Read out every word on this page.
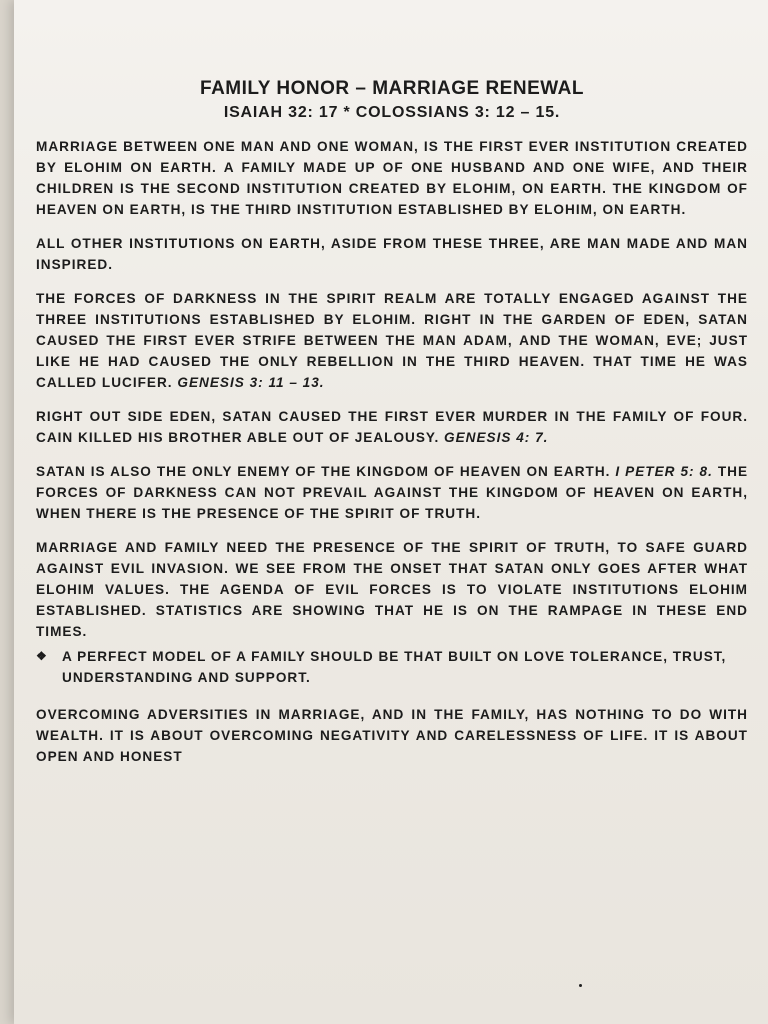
FAMILY HONOR – MARRIAGE RENEWAL
ISAIAH 32: 17 * COLOSSIANS 3: 12 – 15.

MARRIAGE BETWEEN ONE MAN AND ONE WOMAN, IS THE FIRST EVER INSTITUTION CREATED BY ELOHIM ON EARTH. A FAMILY MADE UP OF ONE HUSBAND AND ONE WIFE, AND THEIR CHILDREN IS THE SECOND INSTITUTION CREATED BY ELOHIM, ON EARTH. THE KINGDOM OF HEAVEN ON EARTH, IS THE THIRD INSTITUTION ESTABLISHED BY ELOHIM, ON EARTH.

ALL OTHER INSTITUTIONS ON EARTH, ASIDE FROM THESE THREE, ARE MAN MADE AND MAN INSPIRED.

THE FORCES OF DARKNESS IN THE SPIRIT REALM ARE TOTALLY ENGAGED AGAINST THE THREE INSTITUTIONS ESTABLISHED BY ELOHIM. RIGHT IN THE GARDEN OF EDEN, SATAN CAUSED THE FIRST EVER STRIFE BETWEEN THE MAN ADAM, AND THE WOMAN, EVE; JUST LIKE HE HAD CAUSED THE ONLY REBELLION IN THE THIRD HEAVEN. THAT TIME HE WAS CALLED LUCIFER. GENESIS 3: 11 – 13.

RIGHT OUT SIDE EDEN, SATAN CAUSED THE FIRST EVER MURDER IN THE FAMILY OF FOUR. CAIN KILLED HIS BROTHER ABLE OUT OF JEALOUSY. GENESIS 4: 7.

SATAN IS ALSO THE ONLY ENEMY OF THE KINGDOM OF HEAVEN ON EARTH. I PETER 5: 8. THE FORCES OF DARKNESS CAN NOT PREVAIL AGAINST THE KINGDOM OF HEAVEN ON EARTH, WHEN THERE IS THE PRESENCE OF THE SPIRIT OF TRUTH.

MARRIAGE AND FAMILY NEED THE PRESENCE OF THE SPIRIT OF TRUTH, TO SAFE GUARD AGAINST EVIL INVASION. WE SEE FROM THE ONSET THAT SATAN ONLY GOES AFTER WHAT ELOHIM VALUES. THE AGENDA OF EVIL FORCES IS TO VIOLATE INSTITUTIONS ELOHIM ESTABLISHED. STATISTICS ARE SHOWING THAT HE IS ON THE RAMPAGE IN THESE END TIMES.

❖	A PERFECT MODEL OF A FAMILY SHOULD BE THAT BUILT ON LOVE TOLERANCE, TRUST, UNDERSTANDING AND SUPPORT.

OVERCOMING ADVERSITIES IN MARRIAGE, AND IN THE FAMILY, HAS NOTHING TO DO WITH WEALTH. IT IS ABOUT OVERCOMING NEGATIVITY AND CARELESSNESS OF LIFE. IT IS ABOUT OPEN AND HONEST
